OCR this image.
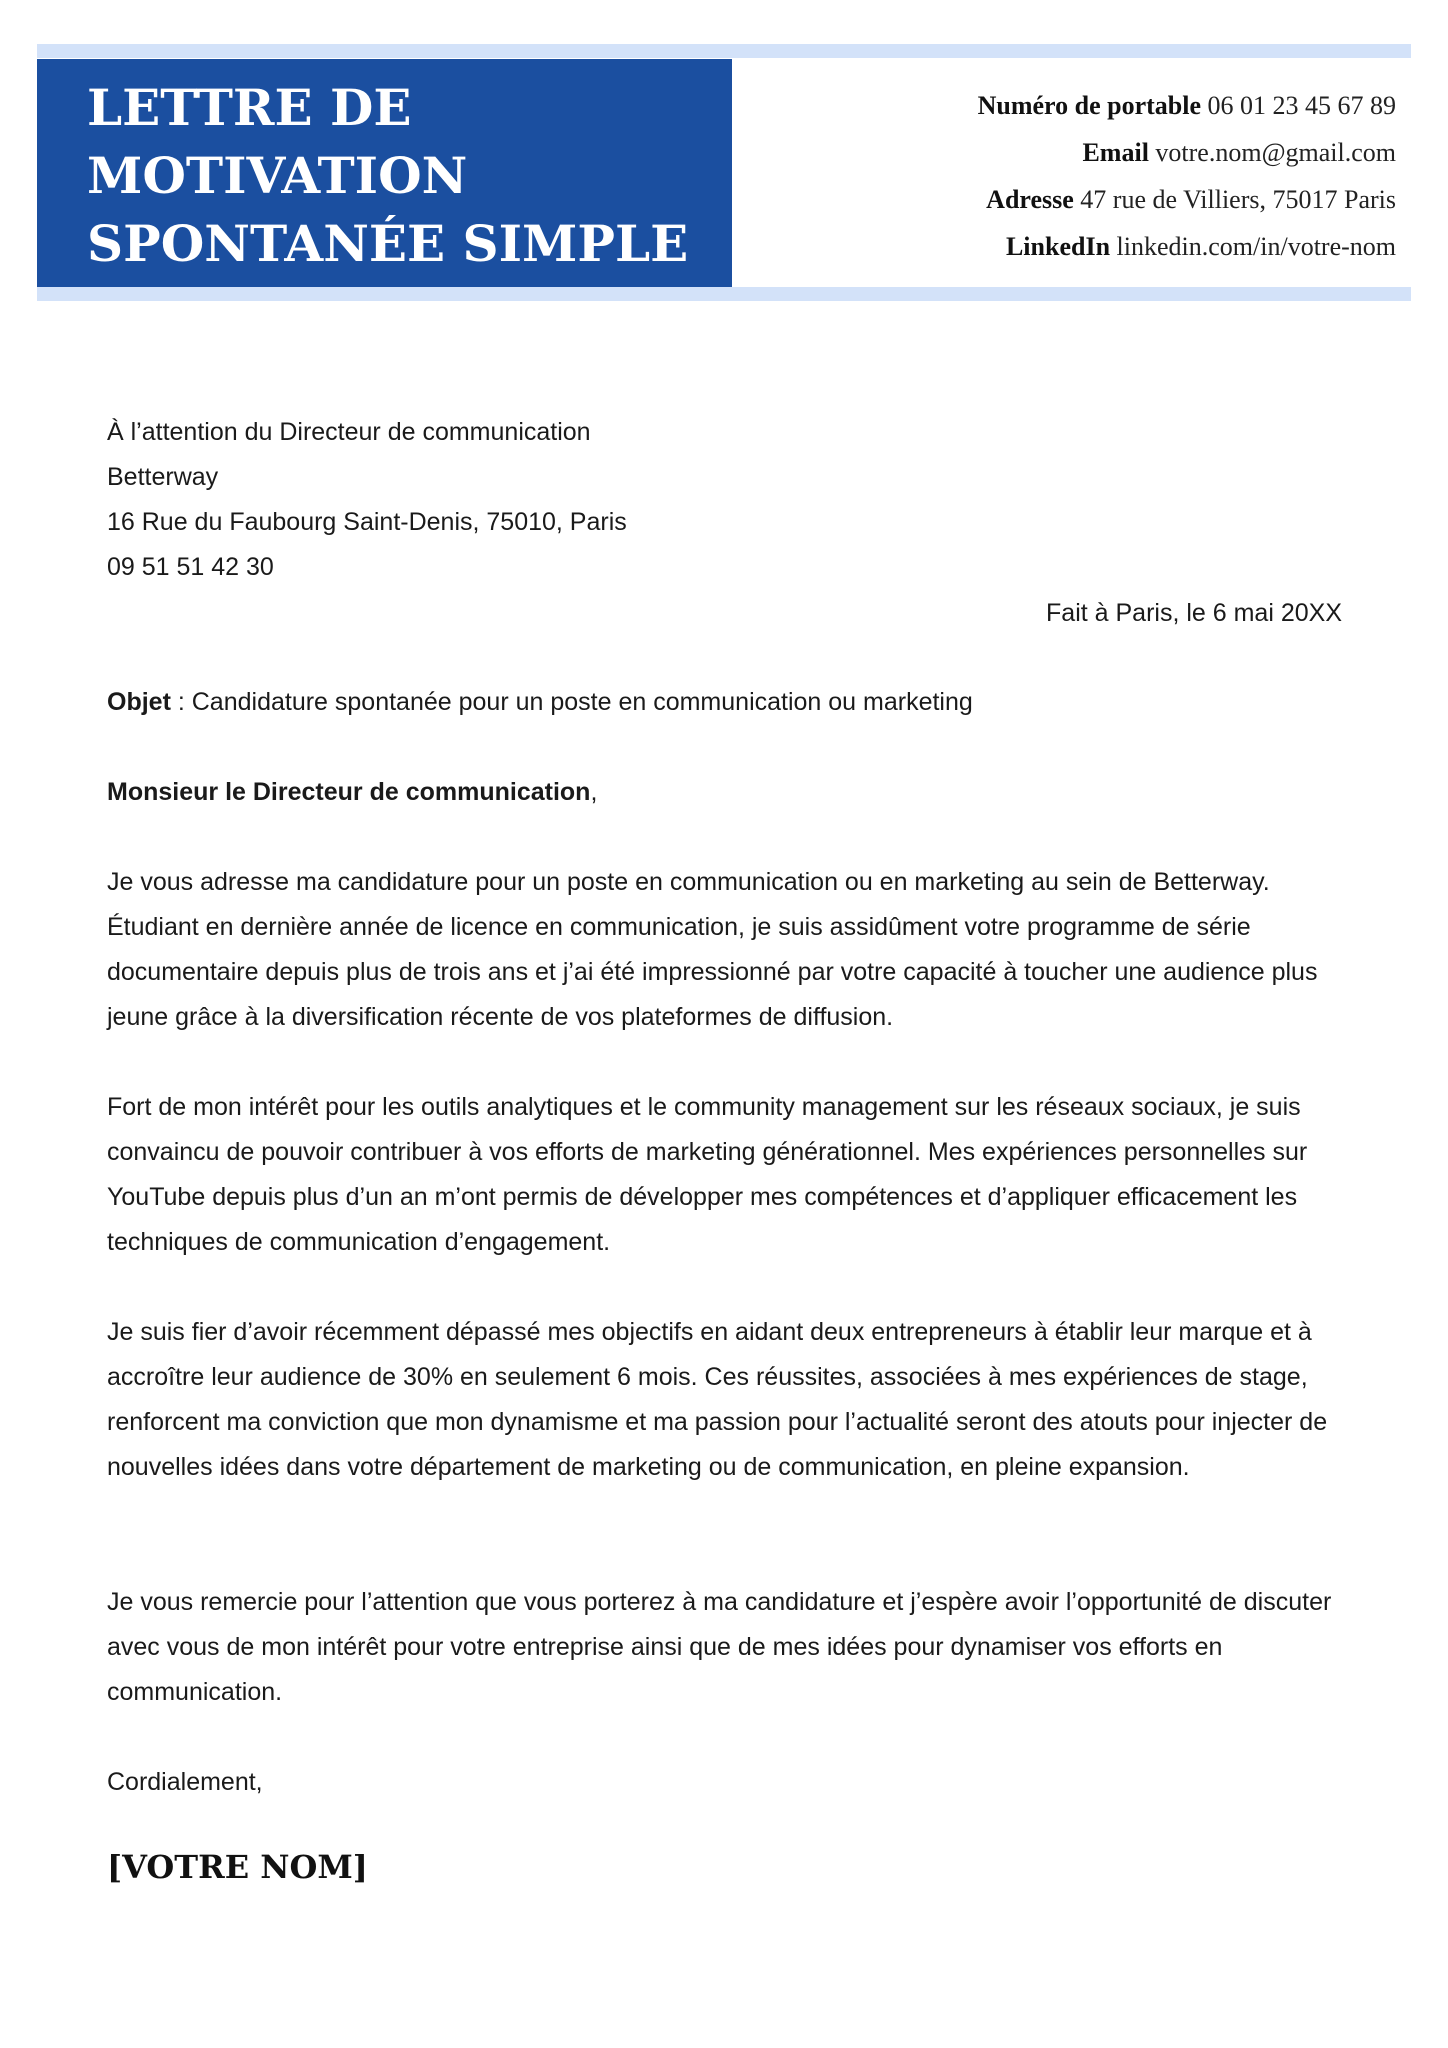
LETTRE DE
MOTIVATION
SPONTANÉE SIMPLE
Numéro de portable 06 01 23 45 67 89
Email votre.nom@gmail.com
Adresse 47 rue de Villiers, 75017 Paris
LinkedIn linkedin.com/in/votre-nom
À l’attention du Directeur de communication
Betterway
16 Rue du Faubourg Saint-Denis, 75010, Paris
09 51 51 42 30
Fait à Paris, le 6 mai 20XX
Objet : Candidature spontanée pour un poste en communication ou marketing
Monsieur le Directeur de communication,

Je vous adresse ma candidature pour un poste en communication ou en marketing au sein de Betterway. Étudiant en dernière année de licence en communication, je suis assidûment votre programme de série documentaire depuis plus de trois ans et j’ai été impressionné par votre capacité à toucher une audience plus jeune grâce à la diversification récente de vos plateformes de diffusion.

Fort de mon intérêt pour les outils analytiques et le community management sur les réseaux sociaux, je suis convaincu de pouvoir contribuer à vos efforts de marketing générationnel. Mes expériences personnelles sur YouTube depuis plus d’un an m’ont permis de développer mes compétences et d’appliquer efficacement les techniques de communication d’engagement.

Je suis fier d’avoir récemment dépassé mes objectifs en aidant deux entrepreneurs à établir leur marque et à accroître leur audience de 30% en seulement 6 mois. Ces réussites, associées à mes expériences de stage, renforcent ma conviction que mon dynamisme et ma passion pour l’actualité seront des atouts pour injecter de nouvelles idées dans votre département de marketing ou de communication, en pleine expansion.

Je vous remercie pour l’attention que vous porterez à ma candidature et j’espère avoir l’opportunité de discuter avec vous de mon intérêt pour votre entreprise ainsi que de mes idées pour dynamiser vos efforts en communication.

Cordialement,
[VOTRE NOM]
